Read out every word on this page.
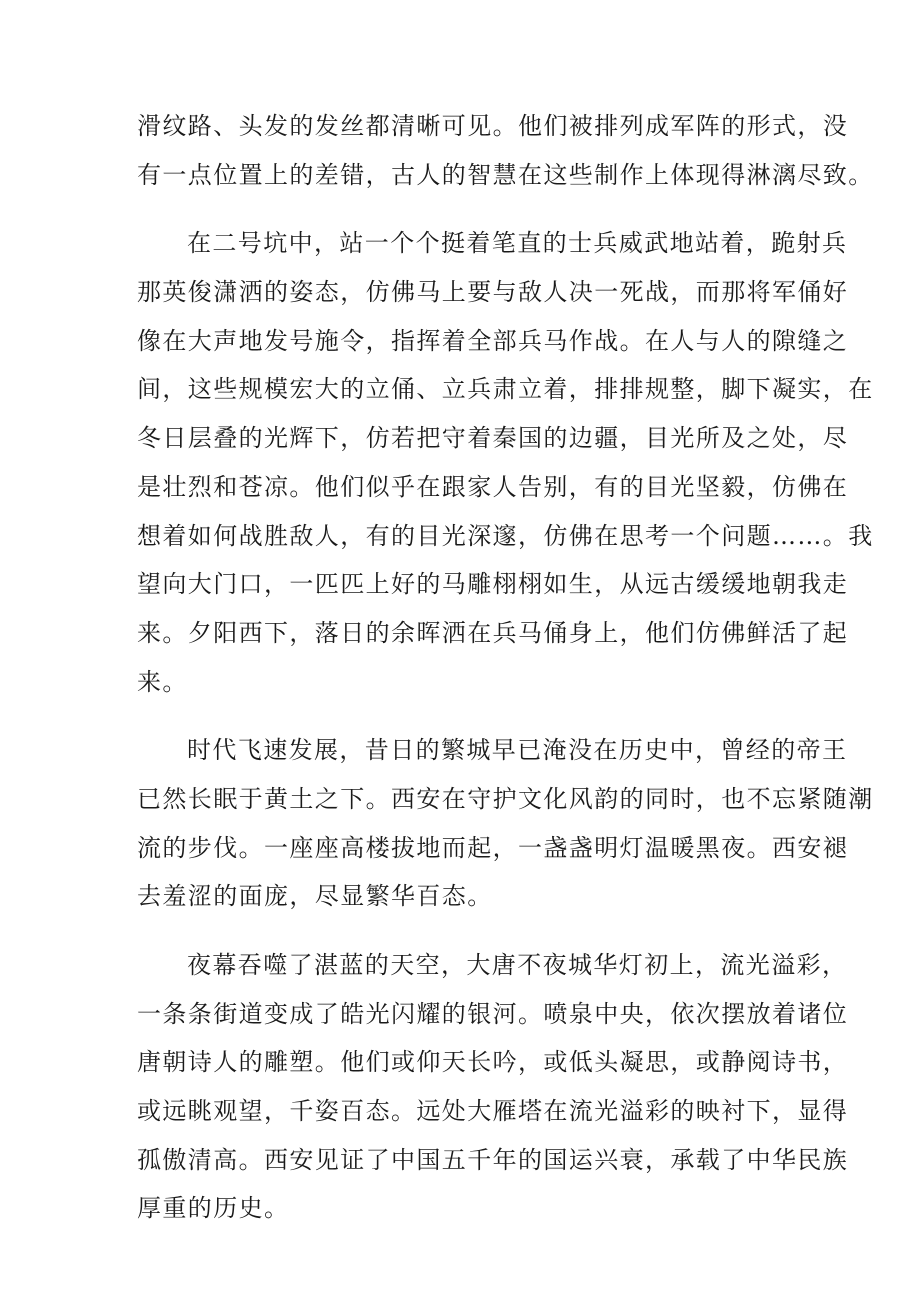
滑纹路、头发的发丝都清晰可见。他们被排列成军阵的形式，没
有一点位置上的差错，古人的智慧在这些制作上体现得淋漓尽致。
在二号坑中，站一个个挺着笔直的士兵威武地站着，跪射兵
那英俊潇洒的姿态，仿佛马上要与敌人决一死战，而那将军俑好
像在大声地发号施令，指挥着全部兵马作战。在人与人的隙缝之
间，这些规模宏大的立俑、立兵肃立着，排排规整，脚下凝实，在
冬日层叠的光辉下，仿若把守着秦国的边疆，目光所及之处，尽
是壮烈和苍凉。他们似乎在跟家人告别，有的目光坚毅，仿佛在
想着如何战胜敌人，有的目光深邃，仿佛在思考一个问题……。我
望向大门口，一匹匹上好的马雕栩栩如生，从远古缓缓地朝我走
来。夕阳西下，落日的余晖洒在兵马俑身上，他们仿佛鲜活了起
来。
时代飞速发展，昔日的繁城早已淹没在历史中，曾经的帝王
已然长眠于黄土之下。西安在守护文化风韵的同时，也不忘紧随潮
流的步伐。一座座高楼拔地而起，一盏盏明灯温暖黑夜。西安褪
去羞涩的面庞，尽显繁华百态。
夜幕吞噬了湛蓝的天空，大唐不夜城华灯初上，流光溢彩，
一条条街道变成了皓光闪耀的银河。喷泉中央，依次摆放着诸位
唐朝诗人的雕塑。他们或仰天长吟，或低头凝思，或静阅诗书，
或远眺观望，千姿百态。远处大雁塔在流光溢彩的映衬下，显得
孤傲清高。西安见证了中国五千年的国运兴衰，承载了中华民族
厚重的历史。
